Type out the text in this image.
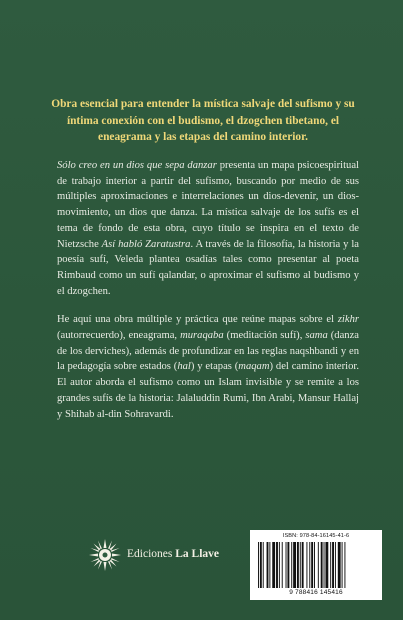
Obra esencial para entender la mística salvaje del sufismo y su íntima conexión con el budismo, el dzogchen tibetano, el eneagrama y las etapas del camino interior.

Sólo creo en un dios que sepa danzar presenta un mapa psicoespiritual de trabajo interior a partir del sufismo, buscando por medio de sus múltiples aproximaciones e interrelaciones un dios-devenir, un dios-movimiento, un dios que danza. La mística salvaje de los sufís es el tema de fondo de esta obra, cuyo título se inspira en el texto de Nietzsche Así habló Zaratustra. A través de la filosofía, la historia y la poesía sufí, Veleda plantea osadías tales como presentar al poeta Rimbaud como un sufí qalandar, o aproximar el sufismo al budismo y el dzogchen.

He aquí una obra múltiple y práctica que reúne mapas sobre el zikhr (autorrecuerdo), eneagrama, muraqaba (meditación sufí), sama (danza de los derviches), además de profundizar en las reglas naqshbandi y en la pedagogía sobre estados (hal) y etapas (maqam) del camino interior. El autor aborda el sufismo como un Islam invisible y se remite a los grandes sufís de la historia: Jalaluddin Rumi, Ibn Arabi, Mansur Hallaj y Shihab al-din Sohravardi.

Ediciones La Llave
ISBN: 978-84-16145-41-6
9 788416 145416
